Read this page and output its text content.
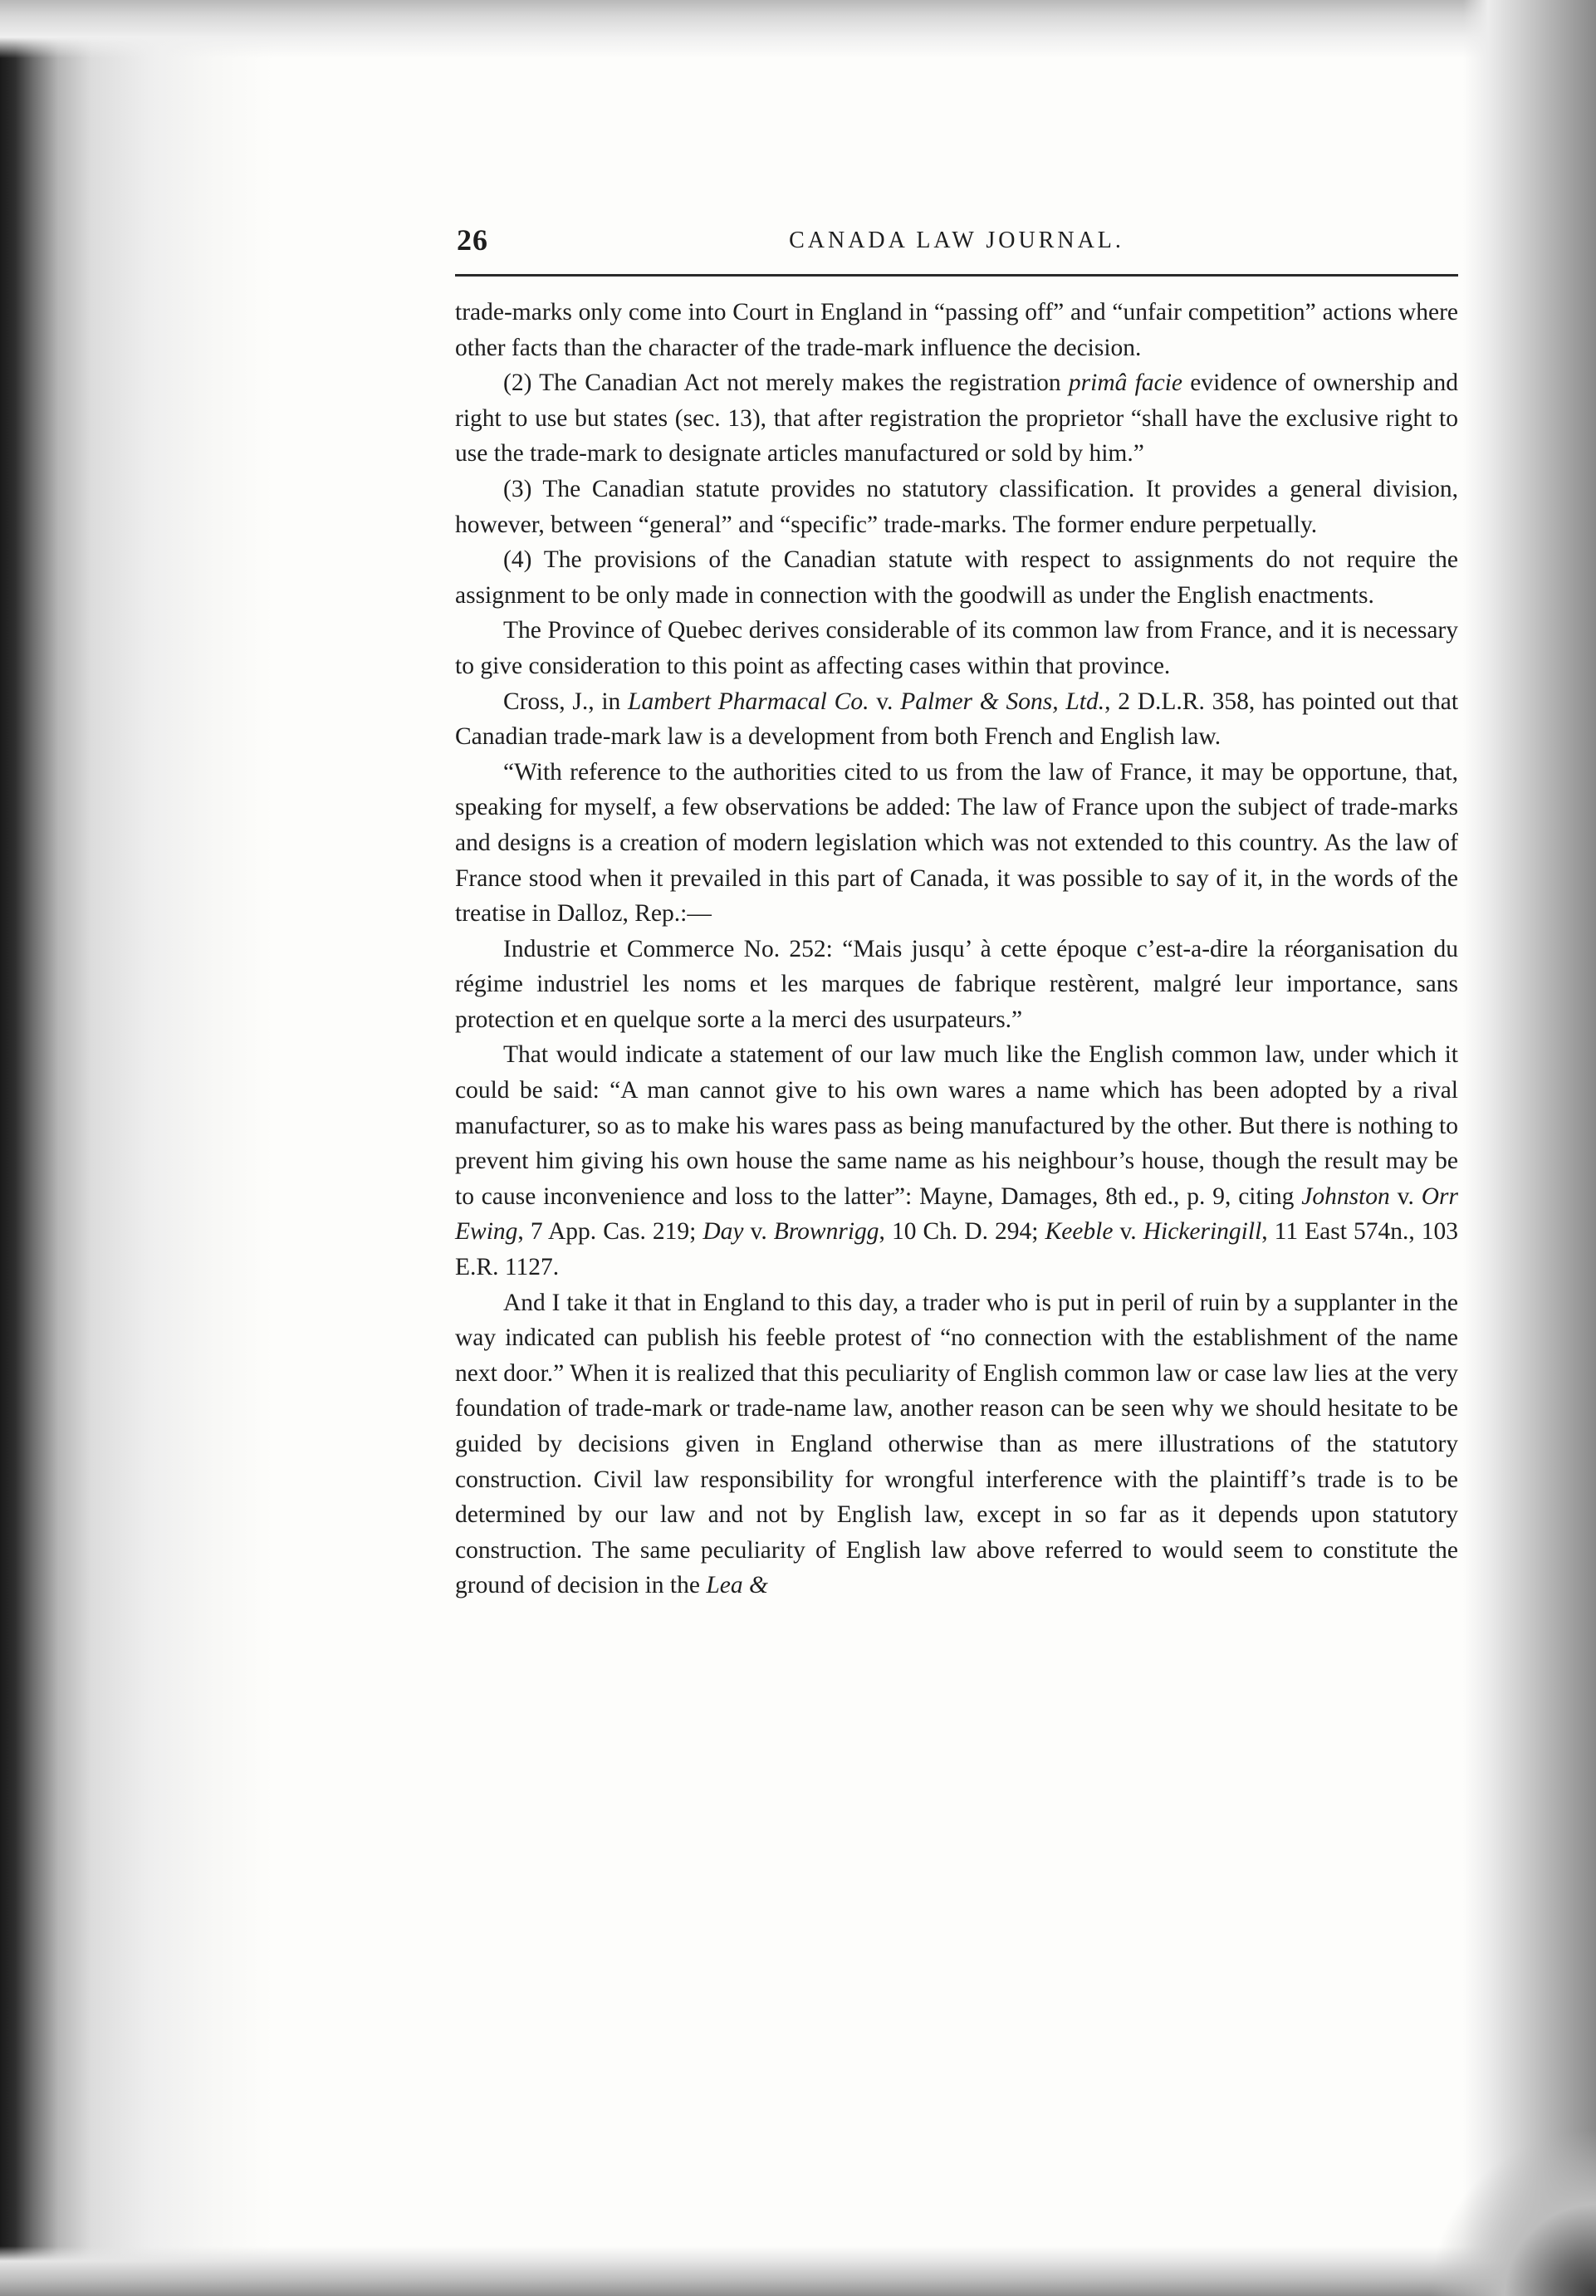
26	CANADA LAW JOURNAL.

trade-marks only come into Court in England in “passing off” and “unfair competition” actions where other facts than the character of the trade-mark influence the decision.

(2) The Canadian Act not merely makes the registration primâ facie evidence of ownership and right to use but states (sec. 13), that after registration the proprietor “shall have the exclusive right to use the trade-mark to designate articles manufactured or sold by him.”

(3) The Canadian statute provides no statutory classification. It provides a general division, however, between “general” and “specific” trade-marks. The former endure perpetually.

(4) The provisions of the Canadian statute with respect to assignments do not require the assignment to be only made in connection with the goodwill as under the English enactments.

The Province of Quebec derives considerable of its common law from France, and it is necessary to give consideration to this point as affecting cases within that province.

Cross, J., in Lambert Pharmacal Co. v. Palmer & Sons, Ltd., 2 D.L.R. 358, has pointed out that Canadian trade-mark law is a development from both French and English law.

“With reference to the authorities cited to us from the law of France, it may be opportune, that, speaking for myself, a few observations be added: The law of France upon the subject of trade-marks and designs is a creation of modern legislation which was not extended to this country. As the law of France stood when it prevailed in this part of Canada, it was possible to say of it, in the words of the treatise in Dalloz, Rep.:—

Industrie et Commerce No. 252: “Mais jusqu’ à cette époque c’est-a-dire la réorganisation du régime industriel les noms et les marques de fabrique restèrent, malgré leur importance, sans protection et en quelque sorte a la merci des usurpateurs.”

That would indicate a statement of our law much like the English common law, under which it could be said: “A man cannot give to his own wares a name which has been adopted by a rival manufacturer, so as to make his wares pass as being manufactured by the other. But there is nothing to prevent him giving his own house the same name as his neighbour’s house, though the result may be to cause inconvenience and loss to the latter”: Mayne, Damages, 8th ed., p. 9, citing Johnston v. Orr Ewing, 7 App. Cas. 219; Day v. Brownrigg, 10 Ch. D. 294; Keeble v. Hickeringill, 11 East 574n., 103 E.R. 1127.

And I take it that in England to this day, a trader who is put in peril of ruin by a supplanter in the way indicated can publish his feeble protest of “no connection with the establishment of the name next door.” When it is realized that this peculiarity of English common law or case law lies at the very foundation of trade-mark or trade-name law, another reason can be seen why we should hesitate to be guided by decisions given in England otherwise than as mere illustrations of the statutory construction. Civil law responsibility for wrongful interference with the plaintiff’s trade is to be determined by our law and not by English law, except in so far as it depends upon statutory construction. The same peculiarity of English law above referred to would seem to constitute the ground of decision in the Lea &
